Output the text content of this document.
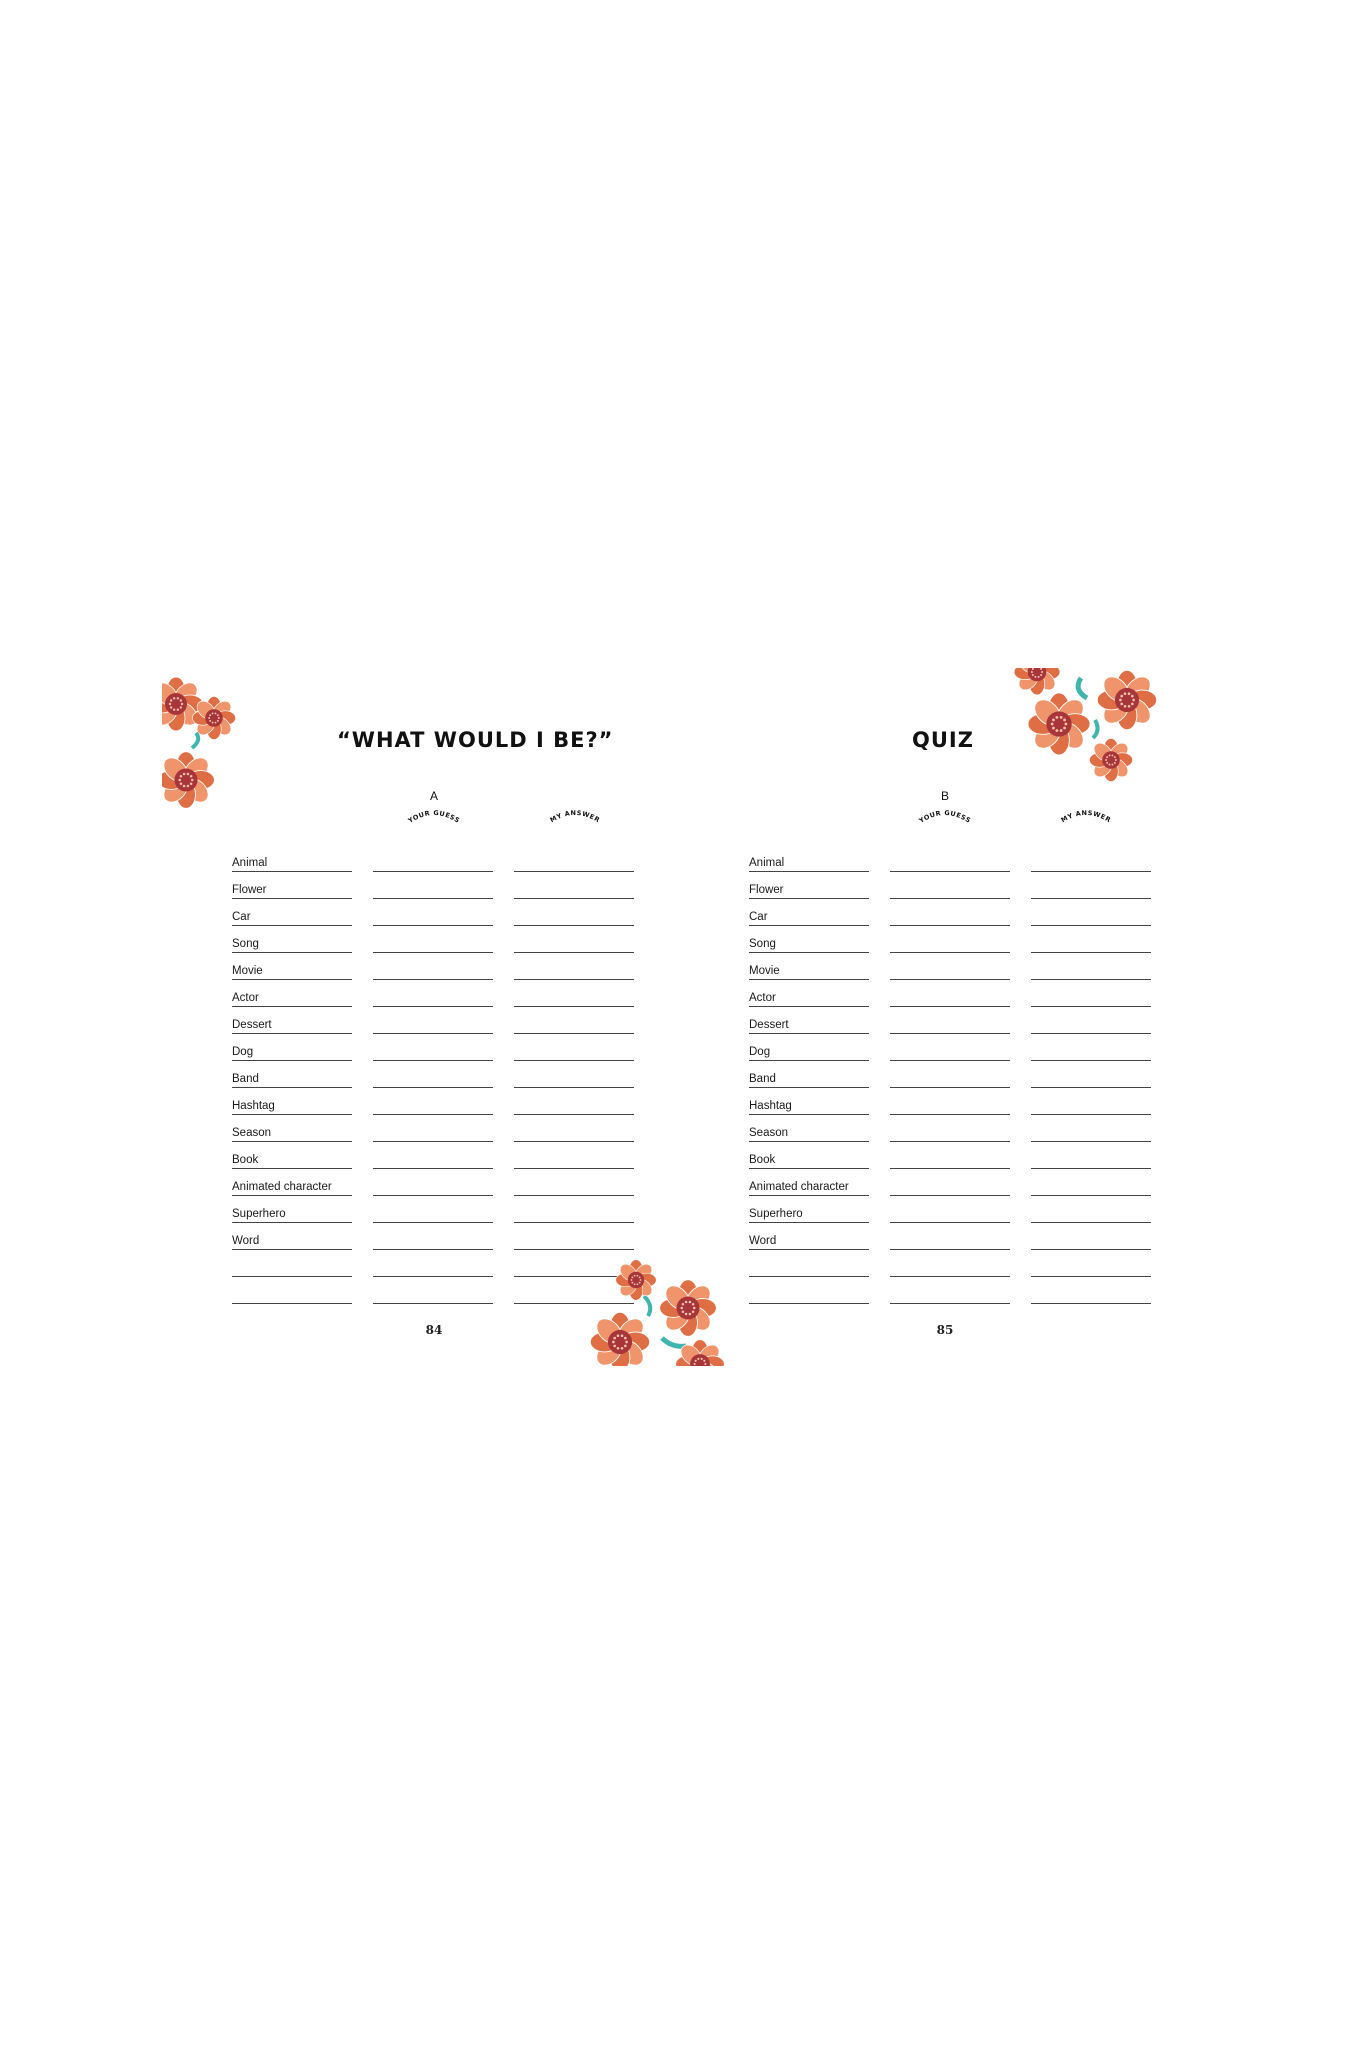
“WHAT WOULD I BE?”
A
YOUR GUESS	MY ANSWER
Animal
Flower
Car
Song
Movie
Actor
Dessert
Dog
Band
Hashtag
Season
Book
Animated character
Superhero
Word
84
QUIZ
B
YOUR GUESS	MY ANSWER
Animal
Flower
Car
Song
Movie
Actor
Dessert
Dog
Band
Hashtag
Season
Book
Animated character
Superhero
Word
85
